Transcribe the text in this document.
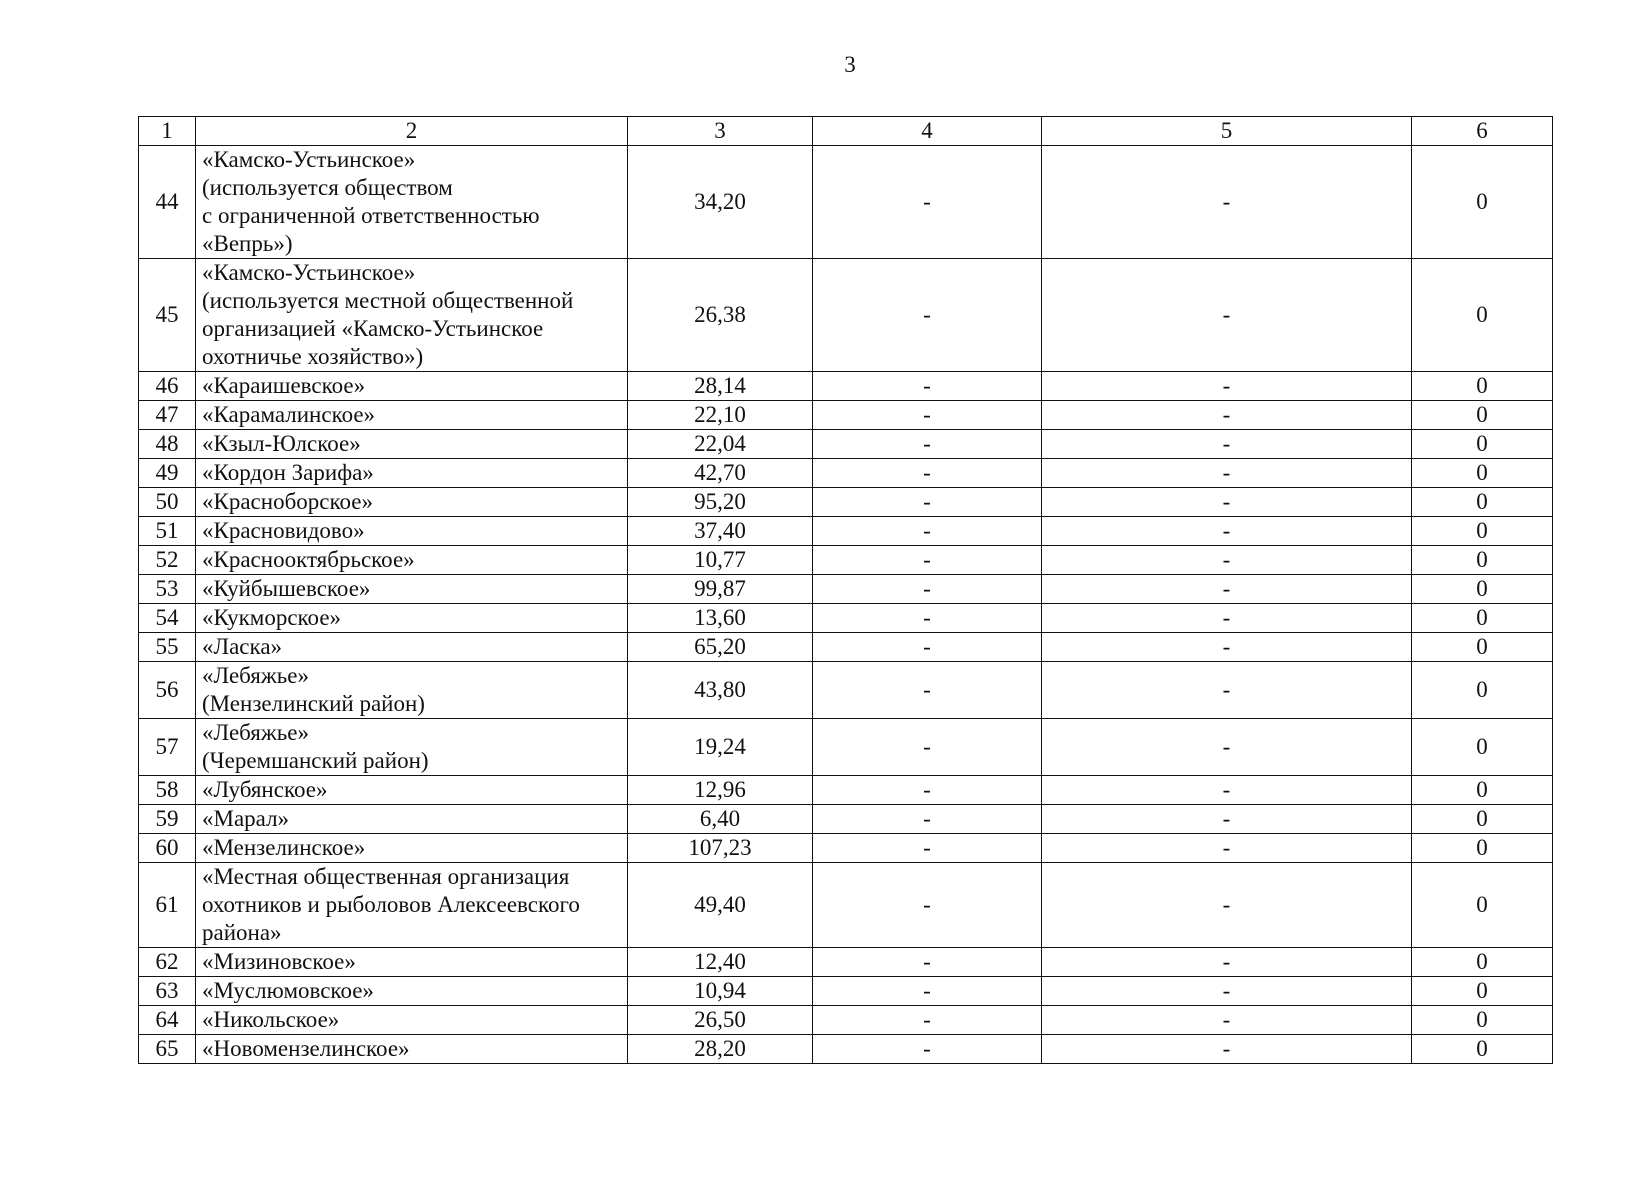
3
1	2	3	4	5	6
44	«Камско-Устьинское»
(используется обществом
с ограниченной ответственностью
«Вепрь»)	34,20	-	-	0
45	«Камско-Устьинское»
(используется местной общественной
организацией «Камско-Устьинское
охотничье хозяйство»)	26,38	-	-	0
46	«Караишевское»	28,14	-	-	0
47	«Карамалинское»	22,10	-	-	0
48	«Кзыл-Юлское»	22,04	-	-	0
49	«Кордон Зарифа»	42,70	-	-	0
50	«Красноборское»	95,20	-	-	0
51	«Красновидово»	37,40	-	-	0
52	«Краснооктябрьское»	10,77	-	-	0
53	«Куйбышевское»	99,87	-	-	0
54	«Кукморское»	13,60	-	-	0
55	«Ласка»	65,20	-	-	0
56	«Лебяжье»
(Мензелинский район)	43,80	-	-	0
57	«Лебяжье»
(Черемшанский район)	19,24	-	-	0
58	«Лубянское»	12,96	-	-	0
59	«Марал»	6,40	-	-	0
60	«Мензелинское»	107,23	-	-	0
61	«Местная общественная организация
охотников и рыболовов Алексеевского
района»	49,40	-	-	0
62	«Мизиновское»	12,40	-	-	0
63	«Муслюмовское»	10,94	-	-	0
64	«Никольское»	26,50	-	-	0
65	«Новомензелинское»	28,20	-	-	0
